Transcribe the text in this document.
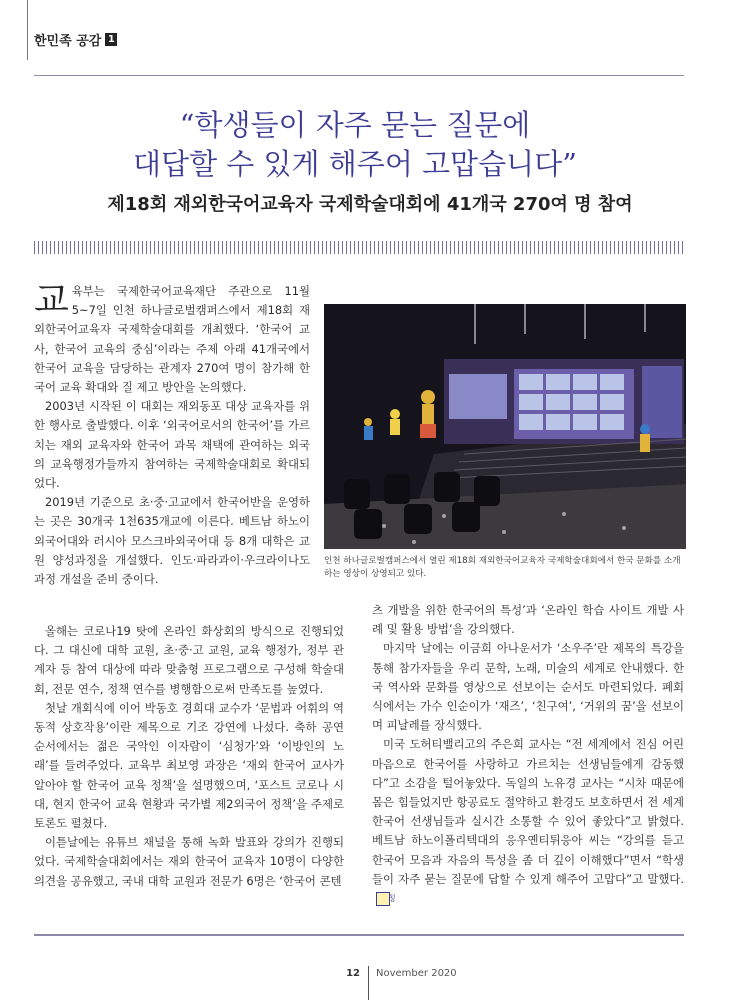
한민족 공감 1
“학생들이 자주 묻는 질문에
대답할 수 있게 해주어 고맙습니다”
제18회 재외한국어교육자 국제학술대회에 41개국 270여 명 참여

교육부는 국제한국어교육재단 주관으로 11월 5~7일 인천 하나글로벌캠퍼스에서 제18회 재외한국어교육자 국제학술대회를 개최했다. ‘한국어 교사, 한국어 교육의 중심’이라는 주제 아래 41개국에서 한국어 교육을 담당하는 관계자 270여 명이 참가해 한국어 교육 확대와 질 제고 방안을 논의했다.

2003년 시작된 이 대회는 재외동포 대상 교육자를 위한 행사로 출발했다. 이후 ‘외국어로서의 한국어’를 가르치는 재외 교육자와 한국어 과목 채택에 관여하는 외국의 교육행정가들까지 참여하는 국제학술대회로 확대되었다.

2019년 기준으로 초·중·고교에서 한국어반을 운영하는 곳은 30개국 1천635개교에 이른다. 베트남 하노이외국어대와 러시아 모스크바외국어대 등 8개 대학은 교원 양성과정을 개설했다. 인도·파라과이·우크라이나도 과정 개설을 준비 중이다.

올해는 코로나19 탓에 온라인 화상회의 방식으로 진행되었다. 그 대신에 대학 교원, 초·중·고 교원, 교육 행정가, 정부 관계자 등 참여 대상에 따라 맞춤형 프로그램으로 구성해 학술대회, 전문 연수, 정책 연수를 병행함으로써 만족도를 높였다.

첫날 개회식에 이어 박동호 경희대 교수가 ‘문법과 어휘의 역동적 상호작용’이란 제목으로 기조 강연에 나섰다. 축하 공연 순서에서는 젊은 국악인 이자람이 ‘심청가’와 ‘이방인의 노래’를 들려주었다. 교육부 최보영 과장은 ‘재외 한국어 교사가 알아야 할 한국어 교육 정책’을 설명했으며, ‘포스트 코로나 시대, 현지 한국어 교육 현황과 국가별 제2외국어 정책’을 주제로 토론도 펼쳤다.

이튿날에는 유튜브 채널을 통해 녹화 발표와 강의가 진행되었다. 국제학술대회에서는 재외 한국어 교육자 10명이 다양한 의견을 공유했고, 국내 대학 교원과 전문가 6명은 ‘한국어 콘텐

츠 개발을 위한 한국어의 특성’과 ‘온라인 학습 사이트 개발 사례 및 활용 방법’을 강의했다.

마지막 날에는 이금희 아나운서가 ‘소우주’란 제목의 특강을 통해 참가자들을 우리 문학, 노래, 미술의 세계로 안내했다. 한국 역사와 문화를 영상으로 선보이는 순서도 마련되었다. 폐회식에서는 가수 인순이가 ‘재즈’, ‘친구여’, ‘거위의 꿈’을 선보이며 피날레를 장식했다.

미국 도허티밸리고의 주은희 교사는 “전 세계에서 진심 어린 마음으로 한국어를 사랑하고 가르치는 선생님들에게 감동했다”고 소감을 털어놓았다. 독일의 노유경 교사는 “시차 때문에 몸은 힘들었지만 항공료도 절약하고 환경도 보호하면서 전 세계 한국어 선생님들과 실시간 소통할 수 있어 좋았다”고 밝혔다. 베트남 하노이폴리텍대의 응우옌티튀응아 씨는 “강의를 듣고 한국어 모음과 자음의 특성을 좀 더 깊이 이해했다”면서 “학생들이 자주 묻는 질문에 답할 수 있게 해주어 고맙다”고 말했다.칭

인천 하나글로벌캠퍼스에서 열린 제18회 재외한국어교육자 국제학술대회에서 한국 문화를 소개하는 영상이 상영되고 있다.
12 November 2020
